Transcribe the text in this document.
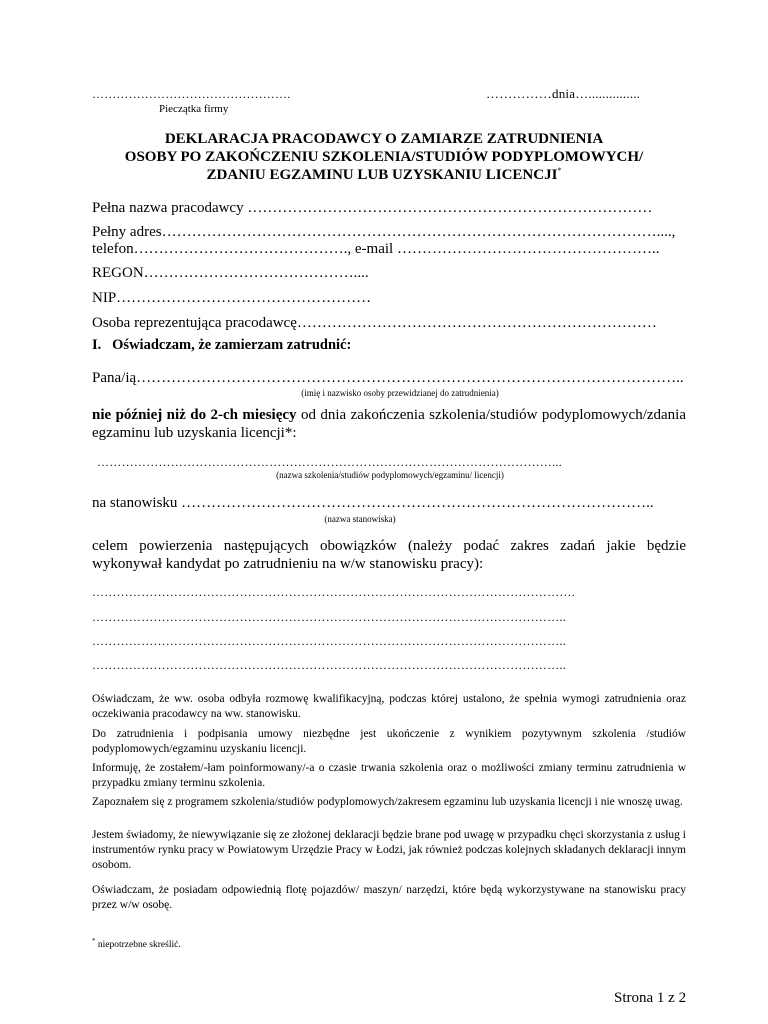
………………………………………….	……………dnia…...............
Pieczątka firmy
DEKLARACJA PRACODAWCY O ZAMIARZE ZATRUDNIENIA
OSOBY PO ZAKOŃCZENIU SZKOLENIA/STUDIÓW PODYPLOMOWYCH/
ZDANIU EGZAMINU LUB UZYSKANIU LICENCJI*
Pełna nazwa pracodawcy ………………………………………………………………………
Pełny adres………………………………………………………………………………………....,
telefon……………………………………., e-mail ……………………………………………..
REGON……………………………………....
NIP……………………………………………
Osoba reprezentująca pracodawcę………………………………………………………………
I.   Oświadczam, że zamierzam zatrudnić:
Pana/ią………………………………………………………………………………………………..
(imię i nazwisko osoby przewidzianej do zatrudnienia)
nie później niż do 2-ch miesięcy od dnia zakończenia szkolenia/studiów podyplomowych/zdania egzaminu lub uzyskania licencji*:
…………………………………………………………………………………………………...
(nazwa szkolenia/studiów podyplomowych/egzaminu/ licencji)
na stanowisku …………………………………………………………………………………..
(nazwa stanowiska)
celem powierzenia następujących obowiązków (należy podać zakres zadań jakie będzie wykonywał kandydat po zatrudnieniu na w/w stanowisku pracy):
……………………………………………………………………………………………………….
……………………………………………………………………………………………………..
……………………………………………………………………………………………………..
……………………………………………………………………………………………………..
Oświadczam, że ww. osoba odbyła rozmowę kwalifikacyjną, podczas której ustalono, że spełnia wymogi zatrudnienia oraz oczekiwania pracodawcy na ww. stanowisku.
Do zatrudnienia i podpisania umowy niezbędne jest ukończenie z wynikiem pozytywnym szkolenia /studiów podyplomowych/egzaminu uzyskaniu licencji.
Informuję, że zostałem/-łam poinformowany/-a o czasie trwania szkolenia oraz o możliwości zmiany terminu zatrudnienia w przypadku zmiany terminu szkolenia.
Zapoznałem się z programem szkolenia/studiów podyplomowych/zakresem egzaminu lub uzyskania licencji i nie wnoszę uwag.
Jestem świadomy, że niewywiązanie się ze złożonej deklaracji będzie brane pod uwagę w przypadku chęci skorzystania z usług i instrumentów rynku pracy w Powiatowym Urzędzie Pracy w Łodzi, jak również podczas kolejnych składanych deklaracji innym osobom.
Oświadczam, że posiadam odpowiednią flotę pojazdów/ maszyn/ narzędzi, które będą wykorzystywane na stanowisku pracy przez w/w osobę.
* niepotrzebne skreślić.
Strona 1 z 2
